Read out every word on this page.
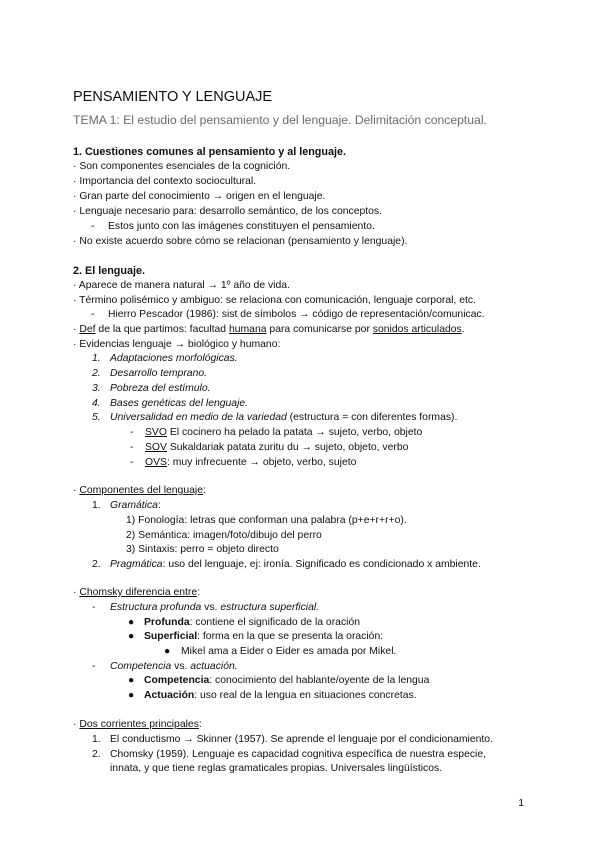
PENSAMIENTO Y LENGUAJE
TEMA 1: El estudio del pensamiento y del lenguaje. Delimitación conceptual.
1. Cuestiones comunes al pensamiento y al lenguaje.
· Son componentes esenciales de la cognición.
· Importancia del contexto sociocultural.
· Gran parte del conocimiento → origen en el lenguaje.
· Lenguaje necesario para: desarrollo semántico, de los conceptos.
- Estos junto con las imágenes constituyen el pensamiento.
· No existe acuerdo sobre cómo se relacionan (pensamiento y lenguaje).
2. El lenguaje.
· Aparece de manera natural → 1º año de vida.
· Término polisémico y ambiguo: se relaciona con comunicación, lenguaje corporal, etc.
- Hierro Pescador (1986): sist de símbolos → código de representación/comunicac.
· Def de la que partimos: facultad humana para comunicarse por sonidos articulados.
· Evidencias lenguaje → biológico y humano:
1. Adaptaciones morfológicas.
2. Desarrollo temprano.
3. Pobreza del estímulo.
4. Bases genéticas del lenguaje.
5. Universalidad en medio de la variedad (estructura = con diferentes formas).
- SVO El cocinero ha pelado la patata → sujeto, verbo, objeto
- SOV Sukaldariak patata zuritu du → sujeto, objeto, verbo
- OVS: muy infrecuente → objeto, verbo, sujeto
· Componentes del lenguaje:
1. Gramática:
1) Fonología: letras que conforman una palabra (p+e+r+r+o).
2) Semántica: imagen/foto/dibujo del perro
3) Sintaxis: perro = objeto directo
2. Pragmática: uso del lenguaje, ej: ironía. Significado es condicionado x ambiente.
· Chomsky diferencia entre:
- Estructura profunda vs. estructura superficial.
● Profunda: contiene el significado de la oración
● Superficial: forma en la que se presenta la oración:
● Mikel ama a Eider o Eider es amada por Mikel.
- Competencia vs. actuación.
● Competencia: conocimiento del hablante/oyente de la lengua
● Actuación: uso real de la lengua en situaciones concretas.
· Dos corrientes principales:
1. El conductismo → Skinner (1957). Se aprende el lenguaje por el condicionamiento.
2. Chomsky (1959). Lenguaje es capacidad cognitiva específica de nuestra especie,
innata, y que tiene reglas gramaticales propias. Universales lingüísticos.
1
